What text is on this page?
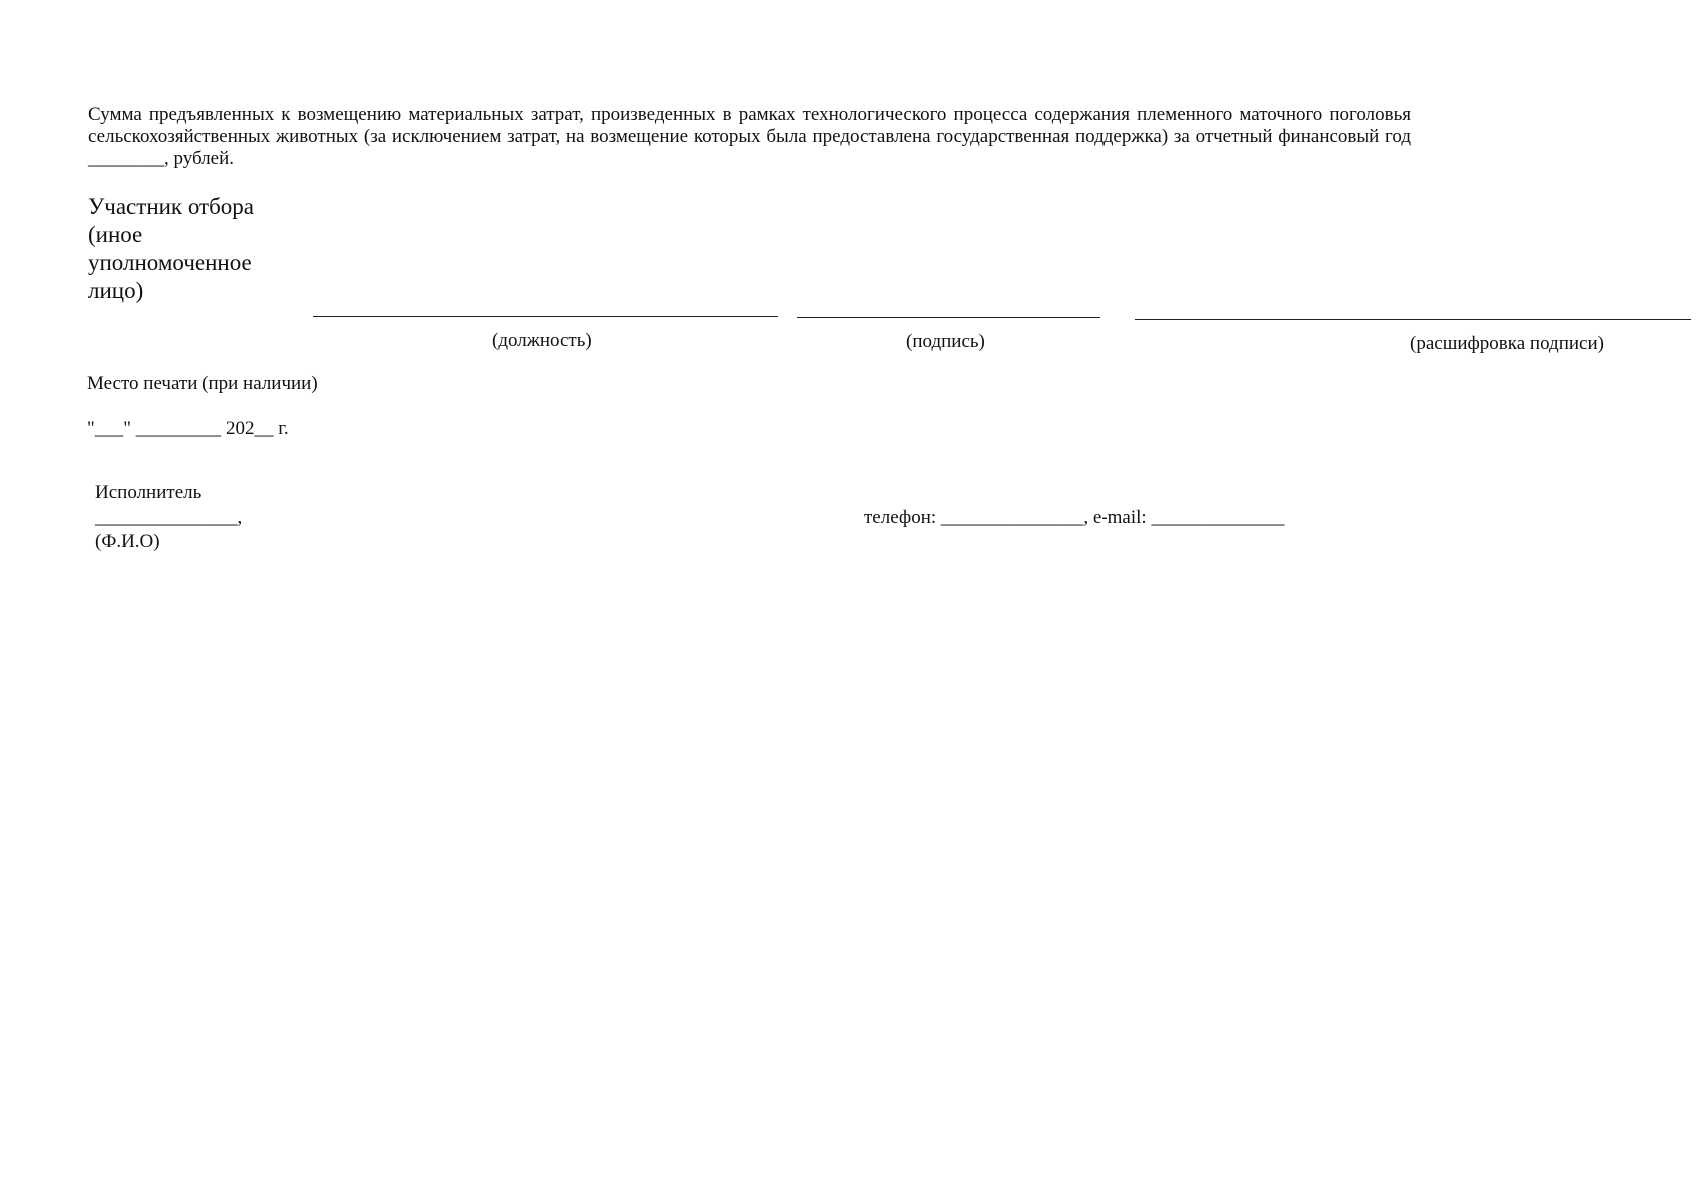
Сумма предъявленных к возмещению материальных затрат, произведенных в рамках технологического процесса содержания племенного маточного поголовья сельскохозяйственных животных (за исключением затрат, на возмещение которых была предоставлена государственная поддержка) за отчетный финансовый год ________, рублей.
Участник отбора (иное уполномоченное лицо)
(должность)	(подпись)	(расшифровка подписи)
Место печати (при наличии)
"___" _________ 202__ г.
Исполнитель
_______________,
(Ф.И.О)
телефон: _______________, e-mail: ______________
